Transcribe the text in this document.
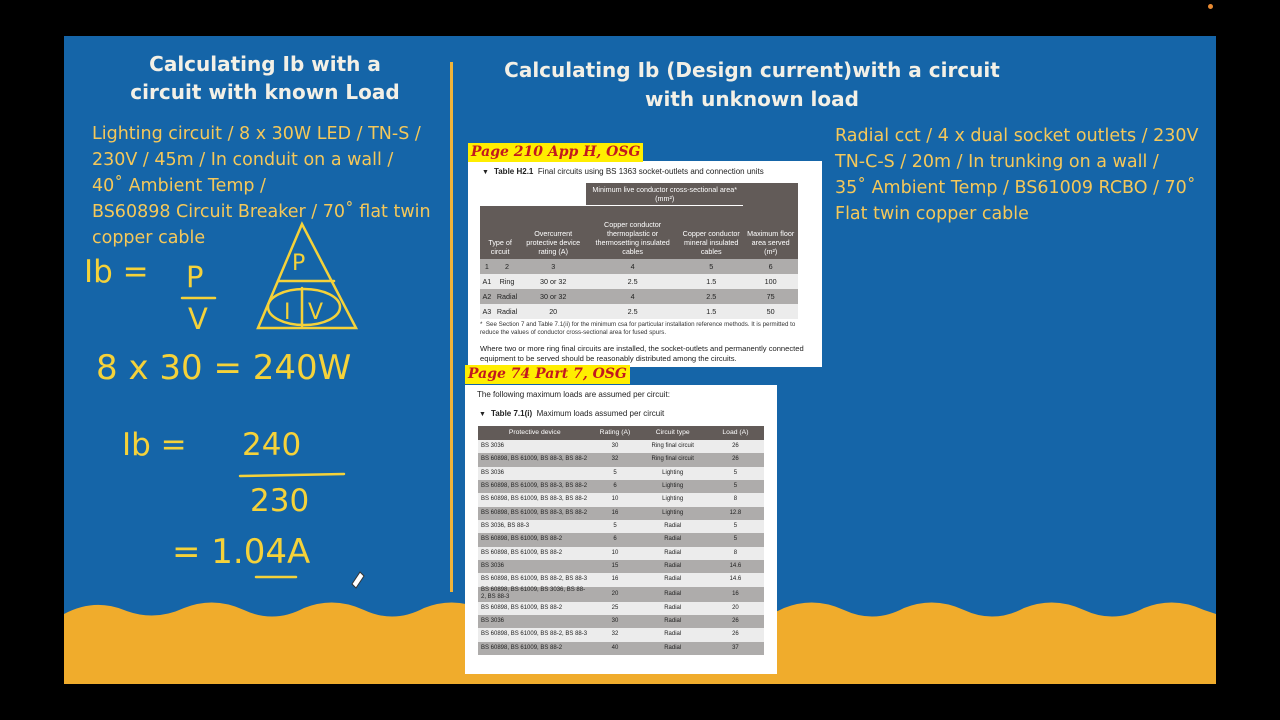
Calculating Ib with a
circuit with known Load
Lighting circuit / 8 x 30W LED / TN-S /
230V / 45m / In conduit on a wall /
40˚ Ambient Temp /
BS60898 Circuit Breaker / 70˚ flat twin
copper cable
Ib = P
V
P
I V
8 x 30 = 240W
Ib = 240
230
= 1.04A
Calculating Ib (Design current)with a circuit
with unknown load
Radial cct / 4 x dual socket outlets / 230V
TN-C-S / 20m / In trunking on a wall /
35˚ Ambient Temp / BS61009 RCBO / 70˚
Flat twin copper cable
▼ Table H2.1 Final circuits using BS 1363 socket-outlets and connection units
			Minimum live conductor cross-sectional area* (mm²)		
Type of circuit		Overcurrent protective device rating (A)	Copper conductor thermoplastic or thermosetting insulated cables	Copper conductor mineral insulated cables	Maximum floor area served (m²)
1	2	3	4	5	6
A1	Ring	30 or 32	2.5	1.5	100
A2	Radial	30 or 32	4	2.5	75
A3	Radial	20	2.5	1.5	50
* See Section 7 and Table 7.1(ii) for the minimum csa for particular installation reference methods. It is permitted to reduce the values of conductor cross-sectional area for fused spurs.
Where two or more ring final circuits are installed, the socket-outlets and permanently connected equipment to be served should be reasonably distributed among the circuits.
Page 210 App H, OSG
The following maximum loads are assumed per circuit:
▼ Table 7.1(i) Maximum loads assumed per circuit
Protective device	Rating (A)	Circuit type	Load (A)
BS 3036	30	Ring final circuit	26
BS 60898, BS 61009, BS 88-3, BS 88-2	32	Ring final circuit	26
BS 3036	5	Lighting	5
BS 60898, BS 61009, BS 88-3, BS 88-2	6	Lighting	5
BS 60898, BS 61009, BS 88-3, BS 88-2	10	Lighting	8
BS 60898, BS 61009, BS 88-3, BS 88-2	16	Lighting	12.8
BS 3036, BS 88-3	5	Radial	5
BS 60898, BS 61009, BS 88-2	6	Radial	5
BS 60898, BS 61009, BS 88-2	10	Radial	8
BS 3036	15	Radial	14.6
BS 60898, BS 61009, BS 88-2, BS 88-3	16	Radial	14.6
BS 60898, BS 61009, BS 3036, BS 88-2, BS 88-3	20	Radial	16
BS 60898, BS 61009, BS 88-2	25	Radial	20
BS 3036	30	Radial	26
BS 60898, BS 61009, BS 88-2, BS 88-3	32	Radial	26
BS 60898, BS 61009, BS 88-2	40	Radial	37
Page 74 Part 7, OSG
